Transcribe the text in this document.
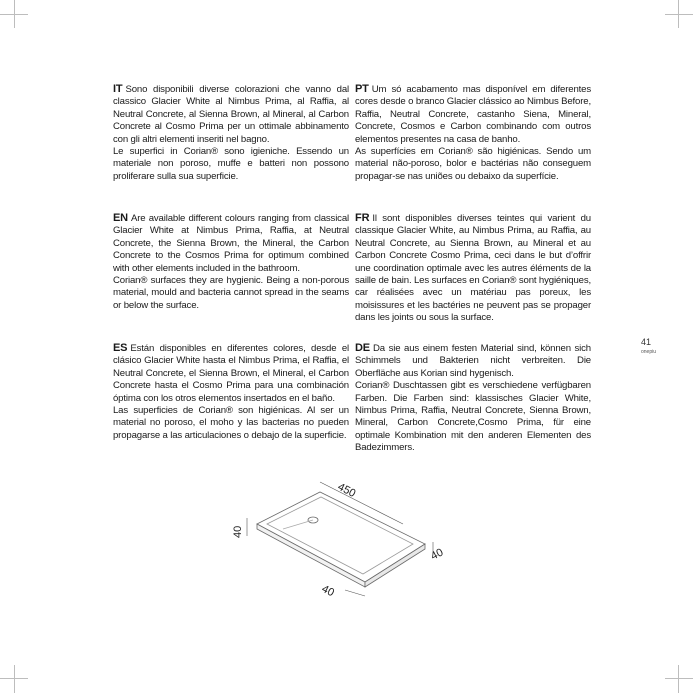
IT Sono disponibili diverse colorazioni che vanno dal classico Glacier White al Nimbus Prima, al Raffia, al Neutral Concrete, al Sienna Brown, al Mineral, al Carbon Concrete al Cosmo Prima per un ottimale abbinamento con gli altri elementi inseriti nel bagno.

Le superfici in Corian® sono igieniche. Essendo un materiale non poroso, muffe e batteri non possono proliferare sulla sua superficie.

EN Are available different colours ranging from classical Glacier White at Nimbus Prima, Raffia, at Neutral Concrete, the Sienna Brown, the Mineral, the Carbon Concrete to the Cosmos Prima for optimum combined with other elements included in the bathroom.

Corian® surfaces they are hygienic. Being a non-porous material, mould and bacteria cannot spread in the seams or below the surface.

ES Están disponibles en diferentes colores, desde el clásico Glacier White hasta el Nimbus Prima, el Raffia, el Neutral Concrete, el Sienna Brown, el Mineral, el Carbon Concrete hasta el Cosmo Prima para una combinación óptima con los otros elementos insertados en el baño.

Las superficies de Corian® son higiénicas. Al ser un material no poroso, el moho y las bacterias no pueden propagarse a las articulaciones o debajo de la superficie.

PT Um só acabamento mas disponível em diferentes cores desde o branco Glacier clássico ao Nimbus Before, Raffia, Neutral Concrete, castanho Siena, Mineral, Concrete, Cosmos e Carbon combinando com outros elementos presentes na casa de banho.

As superfícies em Corian® são higiénicas. Sendo um material não-poroso, bolor e bactérias não conseguem propagar-se nas uniões ou debaixo da superfície.

FR Il sont disponibles diverses teintes qui varient du classique Glacier White, au Nimbus Prima, au Raffia, au Neutral Concrete, au Sienna Brown, au Mineral et au Carbon Concrete Cosmo Prima, ceci dans le but d’offrir une coordination optimale avec les autres éléments de la saille de bain. Les surfaces en Corian® sont hygiéniques, car réalisées avec un matériau pas poreux, les moisissures et les bactéries ne peuvent pas se propager dans les joints ou sous la surface.

DE Da sie aus einem festen Material sind, können sich Schimmels und Bakterien nicht verbreiten. Die Oberfläche aus Korian sind hygenisch.

Corian® Duschtassen gibt es verschiedene verfügbaren Farben. Die Farben sind: klassisches Glacier White, Nimbus Prima, Raffia, Neutral Concrete, Sienna Brown, Mineral, Carbon Concrete,Cosmo Prima, für eine optimale Kombination mit den anderen Elementen des Badezimmers.

41
onepiu
450
40
40
40
